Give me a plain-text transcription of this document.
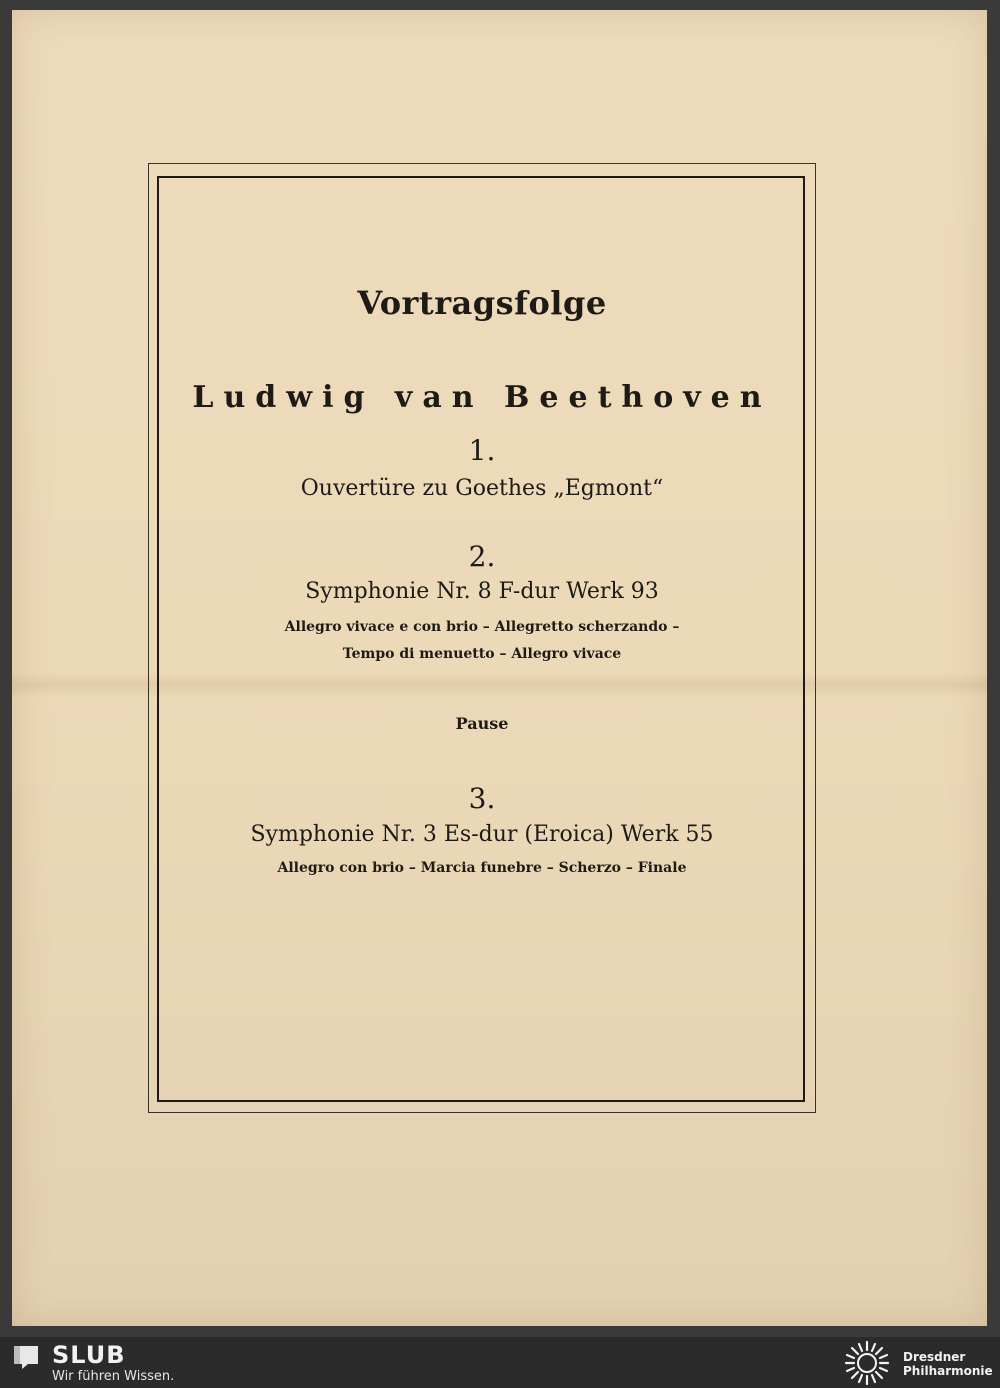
Vortragsfolge
Ludwig van Beethoven
1.
Ouvertüre zu Goethes „Egmont“
2.
Symphonie Nr. 8 F-dur Werk 93
Allegro vivace e con brio – Allegretto scherzando –
Tempo di menuetto – Allegro vivace
Pause
3.
Symphonie Nr. 3 Es-dur (Eroica) Werk 55
Allegro con brio – Marcia funebre – Scherzo – Finale
SLUB
Wir führen Wissen.
Dresdner
Philharmonie
